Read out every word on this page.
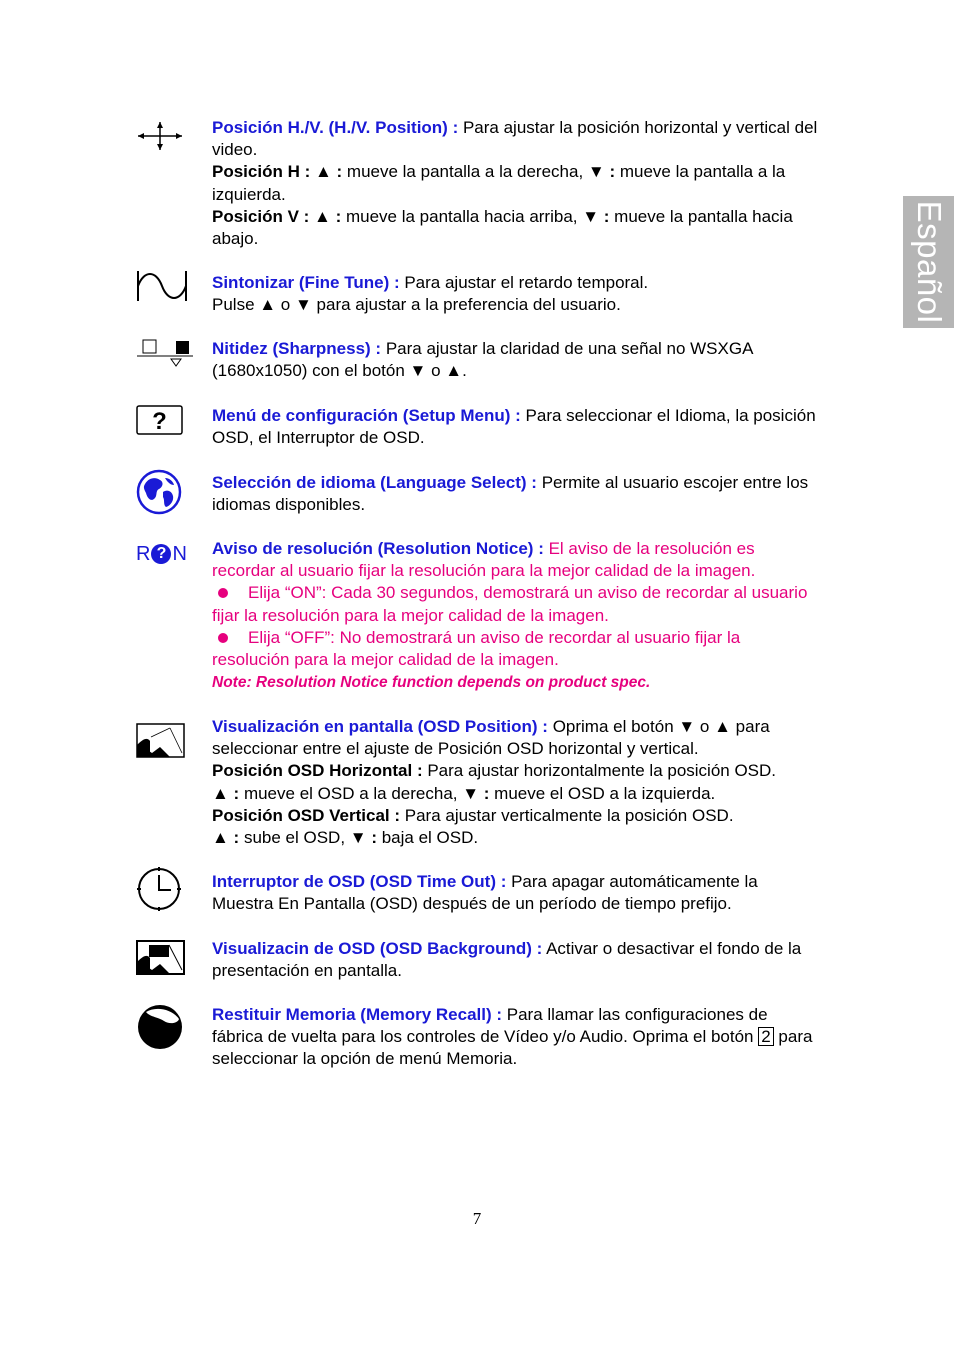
Español
Posición H./V. (H./V. Position) : Para ajustar la posición horizontal y vertical del video.
Posición H : ▲ : mueve la pantalla a la derecha, ▼ : mueve la pantalla a la izquierda.
Posición V : ▲ : mueve la pantalla hacia arriba, ▼ : mueve la pantalla hacia abajo.
Sintonizar (Fine Tune) : Para ajustar el retardo temporal.
Pulse ▲ o ▼ para ajustar a la preferencia del usuario.
Nitidez (Sharpness) : Para ajustar la claridad de una señal no WSXGA (1680x1050) con el botón ▼ o ▲.
?	Menú de configuración (Setup Menu) : Para seleccionar el Idioma, la posición OSD, el Interruptor de OSD.
Selección de idioma (Language Select) : Permite al usuario escojer entre los idiomas disponibles.
R ? N Aviso de resolución (Resolution Notice) : El aviso de la resolución es recordar al usuario fijar la resolución para la mejor calidad de la imagen.
Elija “ON”: Cada 30 segundos, demostrará un aviso de recordar al usuario fijar la resolución para la mejor calidad de la imagen.
Elija “OFF”: No demostrará un aviso de recordar al usuario fijar la resolución para la mejor calidad de la imagen.
Note: Resolution Notice function depends on product spec.
Visualización en pantalla (OSD Position) : Oprima el botón ▼ o ▲ para seleccionar entre el ajuste de Posición OSD horizontal y vertical.
Posición OSD Horizontal : Para ajustar horizontalmente la posición OSD.
▲ : mueve el OSD a la derecha, ▼ : mueve el OSD a la izquierda.
Posición OSD Vertical : Para ajustar verticalmente la posición OSD.
▲ : sube el OSD, ▼ : baja el OSD.
Interruptor de OSD (OSD Time Out) : Para apagar automáticamente la Muestra En Pantalla (OSD) después de un período de tiempo prefijo.
Visualizacin de OSD (OSD Background) : Activar o desactivar el fondo de la presentación en pantalla.
Restituir Memoria (Memory Recall) : Para llamar las configuraciones de fábrica de vuelta para los controles de Vídeo y/o Audio. Oprima el botón 2 para seleccionar la opción de menú Memoria.
7
